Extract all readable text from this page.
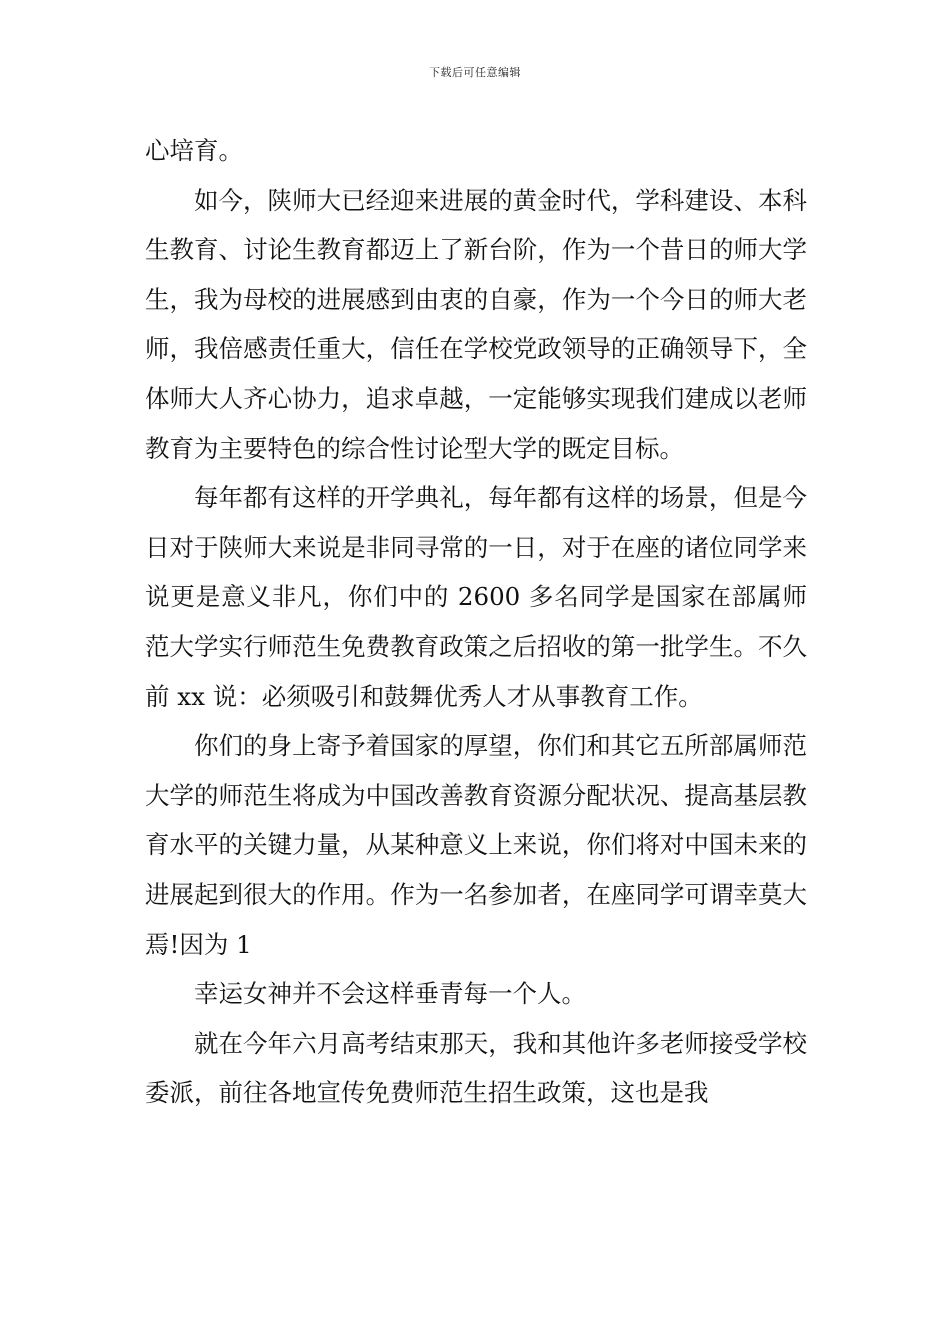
下载后可任意编辑

心培育。

如今，陕师大已经迎来进展的黄金时代，学科建设、本科生教育、讨论生教育都迈上了新台阶，作为一个昔日的师大学生，我为母校的进展感到由衷的自豪，作为一个今日的师大老师，我倍感责任重大，信任在学校党政领导的正确领导下，全体师大人齐心协力，追求卓越，一定能够实现我们建成以老师教育为主要特色的综合性讨论型大学的既定目标。

每年都有这样的开学典礼，每年都有这样的场景，但是今日对于陕师大来说是非同寻常的一日，对于在座的诸位同学来说更是意义非凡，你们中的 2600 多名同学是国家在部属师范大学实行师范生免费教育政策之后招收的第一批学生。不久前 xx 说：必须吸引和鼓舞优秀人才从事教育工作。

你们的身上寄予着国家的厚望，你们和其它五所部属师范大学的师范生将成为中国改善教育资源分配状况、提高基层教育水平的关键力量，从某种意义上来说，你们将对中国未来的进展起到很大的作用。作为一名参加者，在座同学可谓幸莫大焉!因为 1

幸运女神并不会这样垂青每一个人。

就在今年六月高考结束那天，我和其他许多老师接受学校委派，前往各地宣传免费师范生招生政策，这也是我
